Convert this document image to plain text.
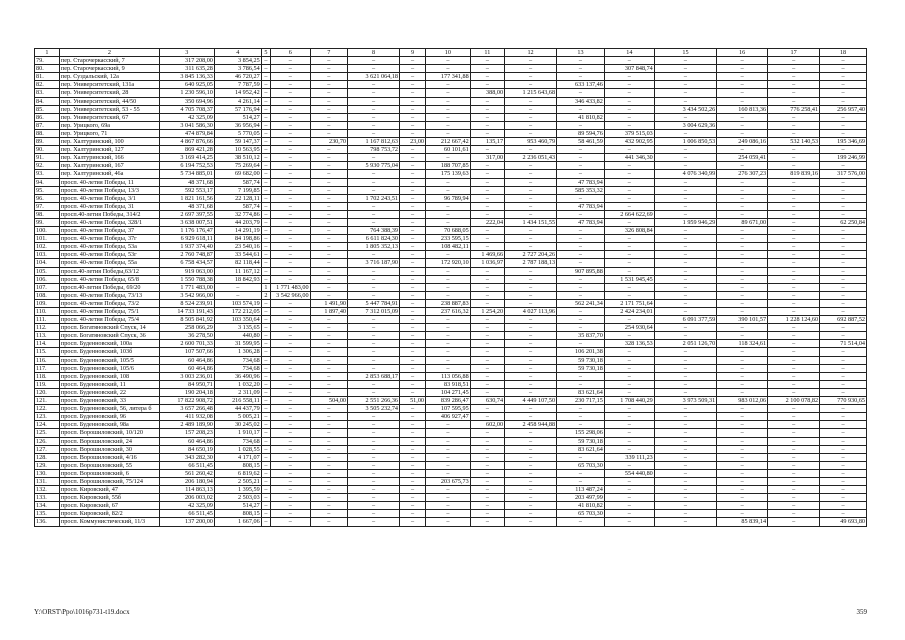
1	2	3	4	5	6	7	8	9	10	11	12	13	14	15	16	17	18
79.	пер. Старочеркасский, 7	317 208,00	3 854,25	–	–	–	–	–	–	–	–	–	–	–	–	–	–
80.	пер. Старочеркасский, 9	311 635,28	3 786,54	–	–	–	–	–	–	–	–	–	307 848,74	–	–	–	–
81.	пер. Суздальский, 12а	3 845 136,33	46 720,27	–	–	–	3 621 064,18	–	177 341,88	–	–	–	–	–	–	–	–
82.	пер. Университетский, 131а	640 925,05	7 787,59	–	–	–	–	–	–	–	–	633 137,46	–	–	–	–	–
83.	пер. Университетский, 28	1 230 596,10	14 952,42	–	–	–	–	–	–	388,00	1 215 643,68	–	–	–	–	–	–
84.	пер. Университетский, 44/50	350 694,96	4 261,14	–	–	–	–	–	–	–	–	346 433,82	–	–	–	–	–
85.	пер. Университетский, 53 - 55	4 705 708,37	57 176,94	–	–	–	–	–	–	–	–	–	–	3 434 502,26	160 813,36	776 258,41	256 957,40
86.	пер. Университетский, 67	42 325,09	514,27	–	–	–	–	–	–	–	–	41 810,82	–	–	–	–	–
87.	пер. Урицкого, 69а	3 041 586,30	36 956,94	–	–	–	–	–	–	–	–	–	–	3 004 629,36	–	–	–
88.	пер. Урицкого, 71	474 879,84	5 770,05	–	–	–	–	–	–	–	–	89 594,76	379 515,03	–	–	–	–
89.	пер. Халтуринский, 100	4 867 876,66	59 147,37	–	–	230,70	1 167 812,63	23,00	212 667,42	135,17	953 460,79	58 461,59	432 902,95	1 006 850,53	249 086,16	532 140,53	195 346,69
90.	пер. Халтуринский, 127	869 421,28	10 563,95	–	–	–	798 753,72	–	60 101,61	–	–	–	–	–	–	–	–
91.	пер. Халтуринский, 166	3 169 414,25	38 510,12	–	–	–	–	–	–	317,00	2 236 051,43	–	441 346,30	–	254 059,41	–	199 246,99
92.	пер. Халтуринский, 167	6 194 752,53	75 269,64	–	–	–	5 930 775,04	–	188 707,85	–	–	–	–	–	–	–	–
93.	пер. Халтуринский, 46а	5 734 885,01	69 682,00	–	–	–	–	–	175 139,63	–	–	–	–	4 076 340,99	276 307,23	819 839,16	317 576,00
94.	просп. 40-летия Победы, 11	48 371,68	587,74	–	–	–	–	–	–	–	–	47 783,94	–	–	–	–	–
95.	просп. 40-летия Победы, 13/3	592 553,17	7 199,85	–	–	–	–	–	–	–	–	585 353,32	–	–	–	–	–
96.	просп. 40-летия Победы, 3/1	1 821 161,56	22 128,11	–	–	–	1 702 243,51	–	96 789,94	–	–	–	–	–	–	–	–
97.	просп. 40-летия Победы, 31	48 371,68	587,74	–	–	–	–	–	–	–	–	47 783,94	–	–	–	–	–
98.	просп.40-летия Победы, 314/2	2 697 397,55	32 774,86	–	–	–	–	–	–	–	–	–	2 664 622,69	–	–	–	–
99.	просп. 40-летия Победы, 328/1	3 638 007,51	44 203,79	–	–	–	–	–	–	222,04	1 434 151,55	47 783,94	–	1 959 946,29	89 671,00	–	62 250,84
100.	просп. 40-летия Победы, 37	1 176 176,47	14 291,19	–	–	–	764 388,39	–	70 688,05	–	–	–	326 808,84	–	–	–	–
101.	просп. 40-летия Победы, 37г	6 929 618,11	84 198,86	–	–	–	6 611 824,30	–	233 595,15	–	–	–	–	–	–	–	–
102.	просп. 40-летия Победы, 53а	1 937 374,40	23 540,16	–	–	–	1 805 352,13	–	108 482,11	–	–	–	–	–	–	–	–
103.	просп. 40-летия Победы, 53г	2 760 748,87	33 544,61	–	–	–	–	–	–	1 469,66	2 727 204,26	–	–	–	–	–	–
104.	просп. 40-летия Победы, 55а	6 758 434,57	82 118,44	–	–	–	3 716 187,90	–	172 920,10	1 036,97	2 787 188,13	–	–	–	–	–	–
105.	просп.40-летия Победы,63/12	919 063,00	11 167,12	–	–	–	–	–	–	–	–	907 895,88	–	–	–	–	–
106.	просп. 40-летия Победы, 65/8	1 550 788,38	18 842,93	–	–	–	–	–	–	–	–	–	1 531 945,45	–	–	–	–
107.	просп.40-летия Победы, 69/20	1 771 483,00	–	1	1 771 483,00	–	–	–	–	–	–	–	–	–	–	–	–
108.	просп. 40-летия Победы, 73/13	3 542 966,00	–	2	3 542 966,00	–	–	–	–	–	–	–	–	–	–	–	–
109.	просп. 40-летия Победы, 73/2	8 524 239,91	103 574,19	–	–	1 491,90	5 447 784,91	–	238 887,83	–	–	562 241,34	2 171 751,64	–	–	–	–
110.	просп. 40-летия Победы, 75/1	14 733 191,43	172 212,05	–	–	1 897,40	7 312 015,09	–	237 616,32	1 254,20	4 027 113,96	–	2 424 234,01	–	–	–	–
111.	просп. 40-летия Победы, 75/4	8 505 841,92	103 350,64	–	–	–	–	–	–	–	–	–	–	6 091 377,59	390 101,57	1 228 124,60	692 887,52
112.	просп. Богатяновский Спуск, 14	258 066,29	3 135,65	–	–	–	–	–	–	–	–	–	254 930,64	–	–	–	–
113.	просп. Богатяновский Спуск, 36	36 278,50	440,80	–	–	–	–	–	–	–	–	35 837,70	–	–	–	–	–
114.	просп. Буденновский, 100а	2 600 701,33	31 599,95	–	–	–	–	–	–	–	–	–	328 136,53	2 051 126,70	118 324,61	–	71 514,04
115.	просп. Буденновский, 103б	107 507,66	1 306,28	–	–	–	–	–	–	–	–	106 201,38	–	–	–	–	–
116.	просп. Буденновский, 105/5	60 464,86	734,68	–	–	–	–	–	–	–	–	59 730,18	–	–	–	–	–
117.	просп. Буденновский, 105/6	60 464,86	734,68	–	–	–	–	–	–	–	–	59 730,18	–	–	–	–	–
118.	просп. Буденновский, 108	3 003 236,01	36 490,96	–	–	–	2 853 688,17	–	113 056,88	–	–	–	–	–	–	–	–
119.	просп. Буденновский, 11	84 950,71	1 032,20	–	–	–	–	–	83 918,51	–	–	–	–	–	–	–	–
120.	просп. Буденновский, 22	190 204,18	2 311,09	–	–	–	–	–	104 271,45	–	–	83 621,64	–	–	–	–	–
121.	просп. Буденновский, 33	17 822 908,72	216 558,11	–	–	504,00	2 551 266,36	51,00	839 286,47	630,74	4 449 107,50	230 717,15	1 708 440,29	3 973 509,31	983 012,06	2 100 078,82	770 930,65
122.	просп. Буденновский, 56, литера б	3 657 266,48	44 437,79	–	–	–	3 505 232,74	–	107 595,95	–	–	–	–	–	–	–	–
123.	просп. Буденновский, 96	411 932,08	5 005,21	–	–	–	–	–	406 927,47	–	–	–	–	–	–	–	–
124.	просп. Буденновский, 98а	2 489 189,90	30 245,02	–	–	–	–	–	–	602,00	2 458 944,88	–	–	–	–	–	–
125.	просп. Ворошиловский, 10/120	157 208,23	1 910,17	–	–	–	–	–	–	–	–	155 298,06	–	–	–	–	–
126.	просп. Ворошиловский, 24	60 464,86	734,68	–	–	–	–	–	–	–	–	59 730,18	–	–	–	–	–
127.	просп. Ворошиловский, 30	84 650,19	1 028,55	–	–	–	–	–	–	–	–	83 621,64	–	–	–	–	–
128.	просп. Ворошиловский, 4/16	343 282,30	4 171,07	–	–	–	–	–	–	–	–	–	339 111,23	–	–	–	–
129.	просп. Ворошиловский, 55	66 511,45	808,15	–	–	–	–	–	–	–	–	65 703,30	–	–	–	–	–
130.	просп. Ворошиловский, 6	561 260,42	6 819,62	–	–	–	–	–	–	–	–	–	554 440,80	–	–	–	–
131.	просп. Ворошиловский, 75/124	206 180,94	2 505,21	–	–	–	–	–	203 675,73	–	–	–	–	–	–	–	–
132.	просп. Кировский, 47	114 863,13	1 395,59	–	–	–	–	–	–	–	–	113 487,24	–	–	–	–	–
133.	просп. Кировский, 55б	206 003,02	2 503,03	–	–	–	–	–	–	–	–	203 497,99	–	–	–	–	–
134.	просп. Кировский, 67	42 325,09	514,27	–	–	–	–	–	–	–	–	41 810,82	–	–	–	–	–
135.	просп. Кировский, 82/2	66 511,45	808,15	–	–	–	–	–	–	–	–	65 703,30	–	–	–	–	–
136.	просп. Коммунистический, 11/3	137 200,00	1 667,06	–	–	–	–	–	–	–	–	–	–	–	85 839,14	–	49 693,80
Y:\ORST\Ppo\1016p731-t19.docx	359
